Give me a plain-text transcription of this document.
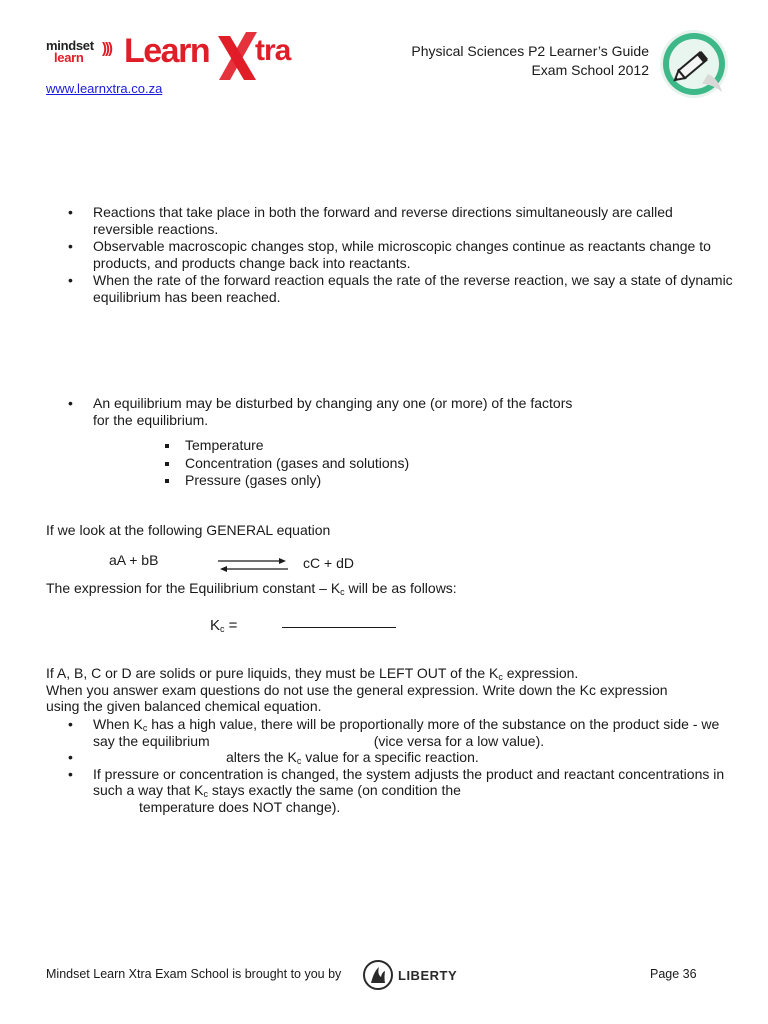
mindset
learn
))) Learn tra
www.learnxtra.co.za
Physical Sciences P2 Learner’s Guide
Exam School 2012
• Reactions that take place in both the forward and reverse directions simultaneously are called reversible reactions.
• Observable macroscopic changes stop, while microscopic changes continue as reactants change to products, and products change back into reactants.
• When the rate of the forward reaction equals the rate of the reverse reaction, we say a state of dynamic equilibrium has been reached.
• An equilibrium may be disturbed by changing any one (or more) of the factors for the equilibrium.
Temperature
Concentration (gases and solutions)
Pressure (gases only)
If we look at the following GENERAL equation
aA + bB	cC + dD
The expression for the Equilibrium constant – $K_c$ will be as follows:
$K_c$ =
If A, B, C or D are solids or pure liquids, they must be LEFT OUT of the $K_c$ expression.
When you answer exam questions do not use the general expression. Write down the Kc expression using the given balanced chemical equation.
• When $K_c$ has a high value, there will be proportionally more of the substance on the product side - we say the equilibrium	(vice versa for a low value).
• alters the $K_c$ value for a specific reaction.
• If pressure or concentration is changed, the system adjusts the product and reactant concentrations in such a way that $K_c$ stays exactly the same (on condition the
temperature does NOT change).
Mindset Learn Xtra Exam School is brought to you by	LIBERTY	Page 36
